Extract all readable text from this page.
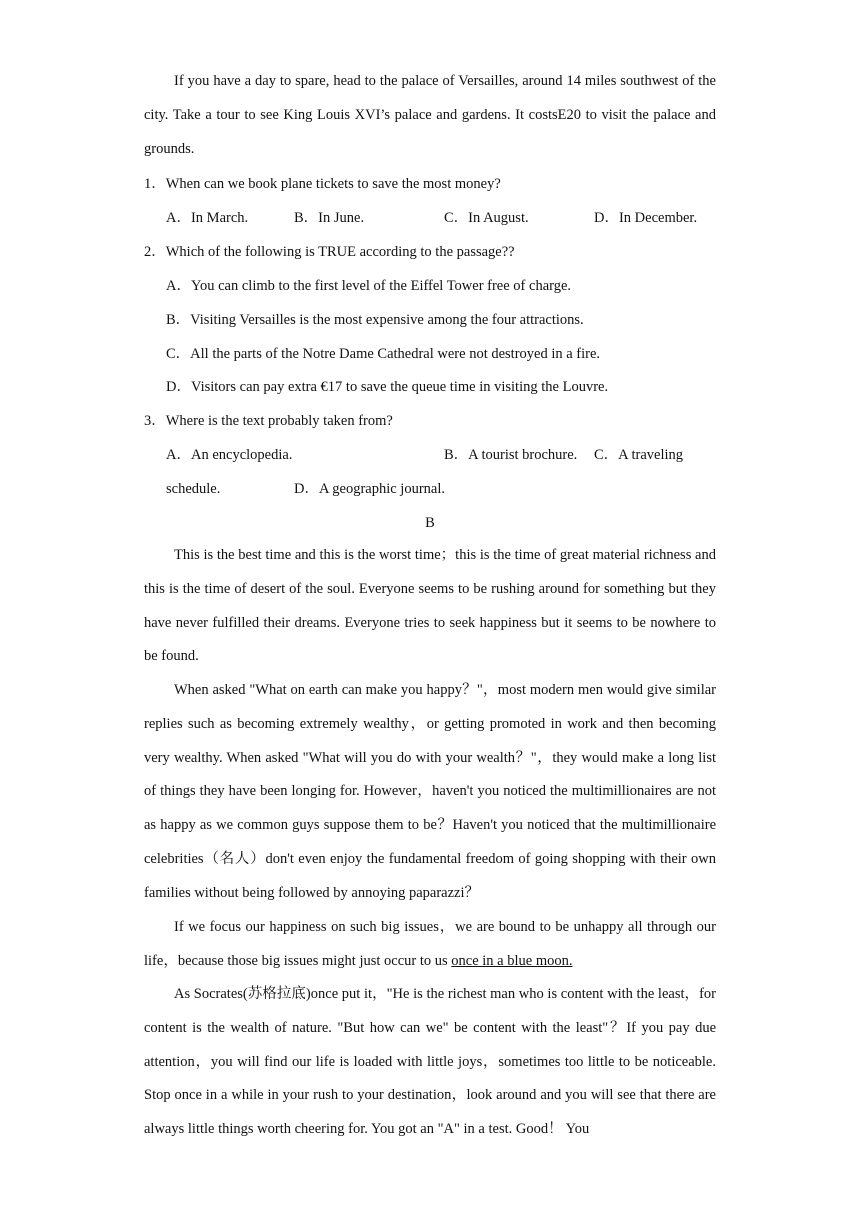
If you have a day to spare, head to the palace of Versailles, around 14 miles southwest of the city. Take a tour to see King Louis XVI’s palace and gardens. It costsE20 to visit the palace and grounds.

1．When can we book plane tickets to save the most money?
A．In March.	B．In June.	C．In August.	D．In December.
2．Which of the following is TRUE according to the passage??
A．You can climb to the first level of the Eiffel Tower free of charge.
B．Visiting Versailles is the most expensive among the four attractions.
C．All the parts of the Notre Dame Cathedral were not destroyed in a fire.
D．Visitors can pay extra €17 to save the queue time in visiting the Louvre.
3．Where is the text probably taken from?
A．An encyclopedia.	B．A tourist brochure. C．A traveling
schedule.	D．A geographic journal.
B

This is the best time and this is the worst time；this is the time of great material richness and this is the time of desert of the soul. Everyone seems to be rushing around for something but they have never fulfilled their dreams. Everyone tries to seek happiness but it seems to be nowhere to be found.

When asked "What on earth can make you happy？"，most modern men would give similar replies such as becoming extremely wealthy，or getting promoted in work and then becoming very wealthy. When asked "What will you do with your wealth？"，they would make a long list of things they have been longing for. However，haven't you noticed the multimillionaires are not as happy as we common guys suppose them to be？Haven't you noticed that the multimillionaire celebrities（名人）don't even enjoy the fundamental freedom of going shopping with their own families without being followed by annoying paparazzi？

If we focus our happiness on such big issues，we are bound to be unhappy all through our life，because those big issues might just occur to us once in a blue moon.

As Socrates(苏格拉底)once put it，"He is the richest man who is content with the least，for content is the wealth of nature. "But how can we" be content with the least"？If you pay due attention，you will find our life is loaded with little joys，sometimes too little to be noticeable. Stop once in a while in your rush to your destination，look around and you will see that there are always little things worth cheering for. You got an "A" in a test. Good！ You
